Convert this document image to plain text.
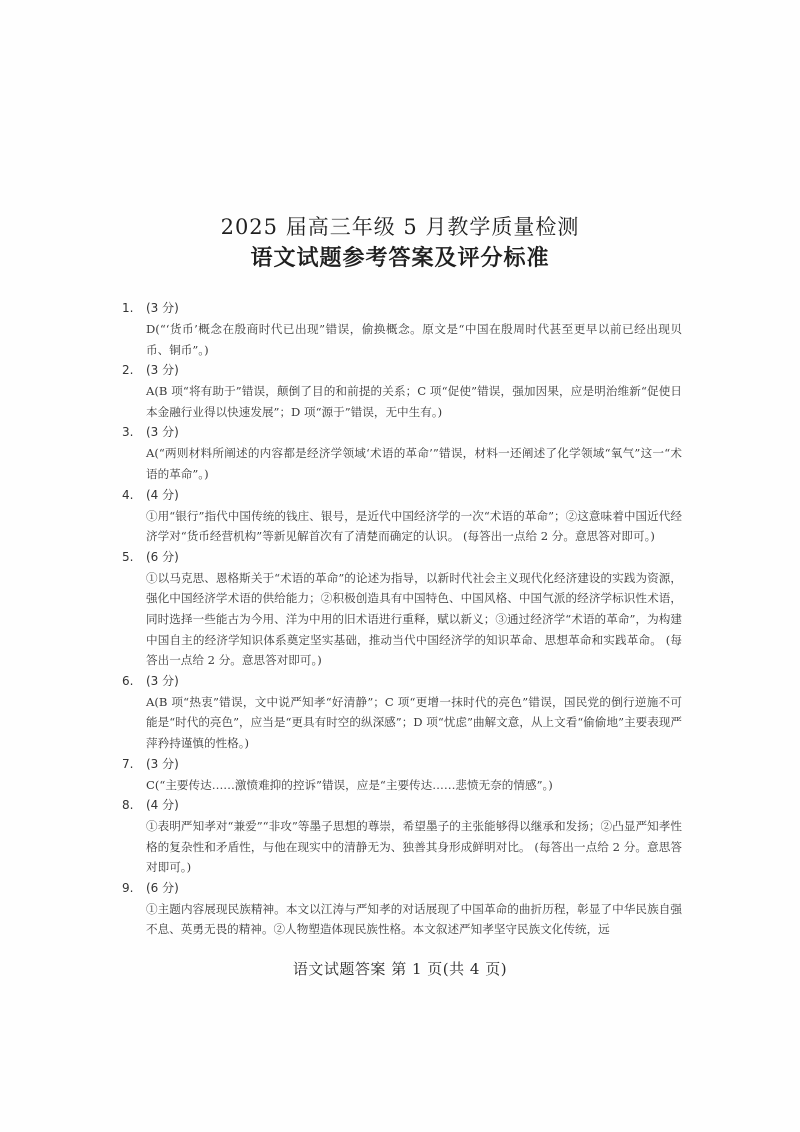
2025 届高三年级 5 月教学质量检测
语文试题参考答案及评分标准
1. (3 分)

D(“‘货币’概念在殷商时代已出现”错误，偷换概念。原文是“中国在殷周时代甚至更早以前已经出现贝币、铜币”。)

2. (3 分)

A(B 项“将有助于”错误，颠倒了目的和前提的关系；C 项“促使”错误，强加因果，应是明治维新“促使日本金融行业得以快速发展”；D 项“源于”错误，无中生有。)

3. (3 分)

A(“两则材料所阐述的内容都是经济学领域‘术语的革命’”错误，材料一还阐述了化学领域“氧气”这一“术语的革命”。)

4. (4 分)

①用“银行”指代中国传统的钱庄、银号，是近代中国经济学的一次“术语的革命”；②这意味着中国近代经济学对“货币经营机构”等新见解首次有了清楚而确定的认识。 (每答出一点给 2 分。意思答对即可。)

5. (6 分)

①以马克思、恩格斯关于“术语的革命”的论述为指导，以新时代社会主义现代化经济建设的实践为资源，强化中国经济学术语的供给能力；②积极创造具有中国特色、中国风格、中国气派的经济学标识性术语，同时选择一些能古为今用、洋为中用的旧术语进行重释，赋以新义；③通过经济学“术语的革命”，为构建中国自主的经济学知识体系奠定坚实基础，推动当代中国经济学的知识革命、思想革命和实践革命。 (每答出一点给 2 分。意思答对即可。)

6. (3 分)

A(B 项“热衷”错误，文中说严知孝“好清静”；C 项“更增一抹时代的亮色”错误，国民党的倒行逆施不可能是“时代的亮色”，应当是“更具有时空的纵深感”；D 项“忧虑”曲解文意，从上文看“偷偷地”主要表现严萍矜持谨慎的性格。)

7. (3 分)

C(“主要传达……激愤难抑的控诉”错误，应是“主要传达……悲愤无奈的情感”。)

8. (4 分)

①表明严知孝对“兼爱”“非攻”等墨子思想的尊崇，希望墨子的主张能够得以继承和发扬；②凸显严知孝性格的复杂性和矛盾性，与他在现实中的清静无为、独善其身形成鲜明对比。 (每答出一点给 2 分。意思答对即可。)

9. (6 分)

①主题内容展现民族精神。本文以江涛与严知孝的对话展现了中国革命的曲折历程，彰显了中华民族自强不息、英勇无畏的精神。②人物塑造体现民族性格。本文叙述严知孝坚守民族文化传统，远

语文试题答案 第 1 页(共 4 页)
